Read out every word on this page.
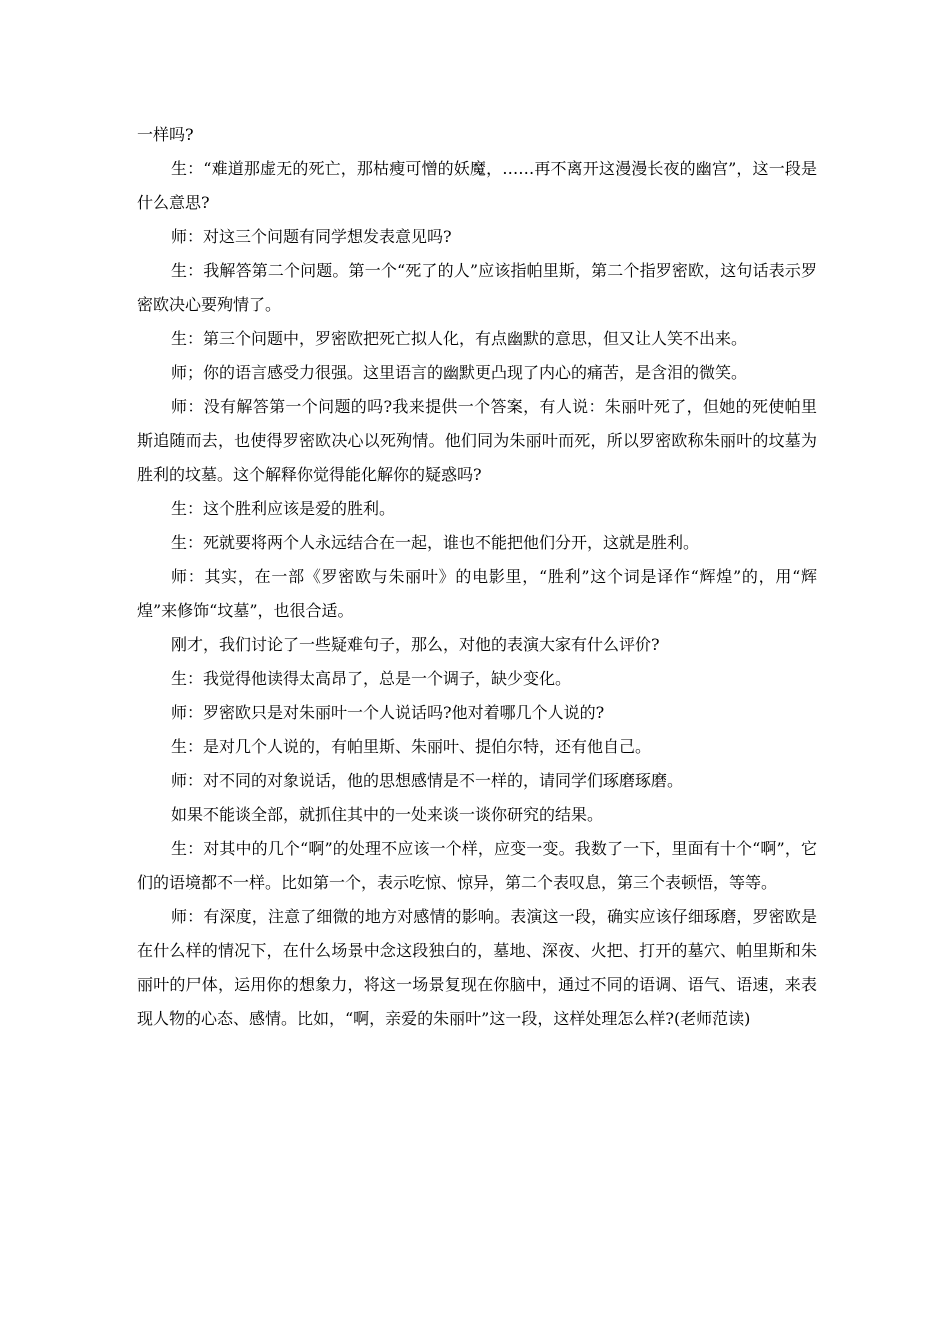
一样吗?

生：“难道那虚无的死亡，那枯瘦可憎的妖魔，……再不离开这漫漫长夜的幽宫”，这一段是什么意思?

师：对这三个问题有同学想发表意见吗?

生：我解答第二个问题。第一个“死了的人”应该指帕里斯，第二个指罗密欧，这句话表示罗密欧决心要殉情了。

生：第三个问题中，罗密欧把死亡拟人化，有点幽默的意思，但又让人笑不出来。

师；你的语言感受力很强。这里语言的幽默更凸现了内心的痛苦，是含泪的微笑。

师：没有解答第一个问题的吗?我来提供一个答案，有人说：朱丽叶死了，但她的死使帕里斯追随而去，也使得罗密欧决心以死殉情。他们同为朱丽叶而死，所以罗密欧称朱丽叶的坟墓为胜利的坟墓。这个解释你觉得能化解你的疑惑吗?

生：这个胜利应该是爱的胜利。

生：死就要将两个人永远结合在一起，谁也不能把他们分开，这就是胜利。

师：其实，在一部《罗密欧与朱丽叶》的电影里，“胜利”这个词是译作“辉煌”的，用“辉煌”来修饰“坟墓”，也很合适。

刚才，我们讨论了一些疑难句子，那么，对他的表演大家有什么评价?

生：我觉得他读得太高昂了，总是一个调子，缺少变化。

师：罗密欧只是对朱丽叶一个人说话吗?他对着哪几个人说的?

生：是对几个人说的，有帕里斯、朱丽叶、提伯尔特，还有他自己。

师：对不同的对象说话，他的思想感情是不一样的，请同学们琢磨琢磨。

如果不能谈全部，就抓住其中的一处来谈一谈你研究的结果。

生：对其中的几个“啊”的处理不应该一个样，应变一变。我数了一下，里面有十个“啊”，它们的语境都不一样。比如第一个，表示吃惊、惊异，第二个表叹息，第三个表顿悟，等等。

师：有深度，注意了细微的地方对感情的影响。表演这一段，确实应该仔细琢磨，罗密欧是在什么样的情况下，在什么场景中念这段独白的，墓地、深夜、火把、打开的墓穴、帕里斯和朱丽叶的尸体，运用你的想象力，将这一场景复现在你脑中，通过不同的语调、语气、语速，来表现人物的心态、感情。比如，“啊，亲爱的朱丽叶”这一段，这样处理怎么样?(老师范读)
